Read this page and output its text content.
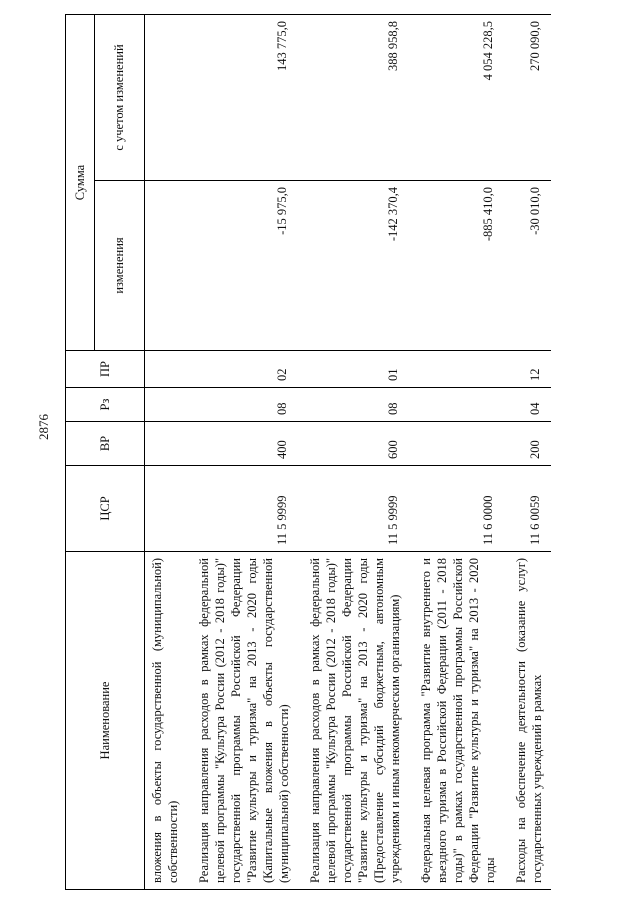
2876
Наименование	ЦСР	ВР	Рз	ПР	Сумма	
					изменения	с учетом изменений
вложения в объекты государственной (муниципальной) собственности)						
Реализация направления расходов в рамках федеральной целевой программы "Культура России (2012 - 2018 годы)" государственной программы Российской Федерации "Развитие культуры и туризма" на 2013 - 2020 годы (Капитальные вложения в объекты государственной (муниципальной) собственности)	11 5 9999	400	08	02	-15 975,0	143 775,0
Реализация направления расходов в рамках федеральной целевой программы "Культура России (2012 - 2018 годы)" государственной программы Российской Федерации "Развитие культуры и туризма" на 2013 - 2020 годы (Предоставление субсидий бюджетным, автономным учреждениям и иным некоммерческим организациям)	11 5 9999	600	08	01	-142 370,4	388 958,8
Федеральная целевая программа "Развитие внутреннего и въездного туризма в Российской Федерации (2011 - 2018 годы)" в рамках государственной программы Российской Федерации "Развитие культуры и туризма" на 2013 - 2020 годы	11 6 0000				-885 410,0	4 054 228,5
Расходы на обеспечение деятельности (оказание услуг) государственных учреждений в рамках	11 6 0059	200	04	12	-30 010,0	270 090,0
